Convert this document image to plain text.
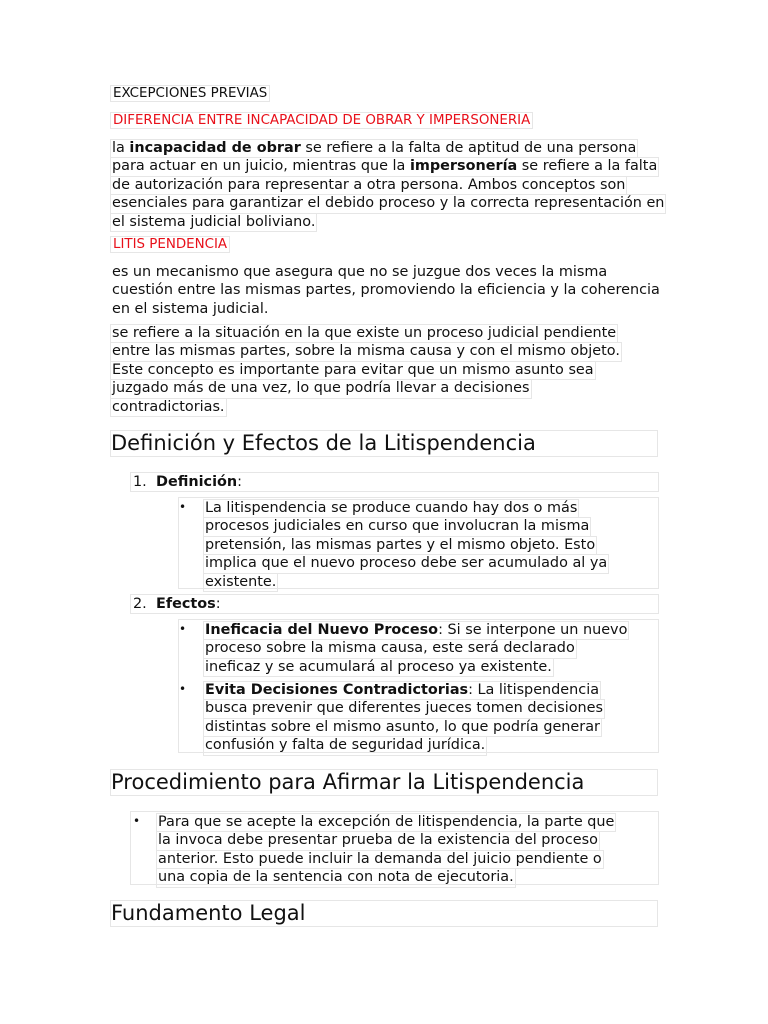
EXCEPCIONES PREVIAS
DIFERENCIA ENTRE INCAPACIDAD DE OBRAR Y IMPERSONERIA
la incapacidad de obrar se refiere a la falta de aptitud de una persona
para actuar en un juicio, mientras que la impersonería se refiere a la falta
de autorización para representar a otra persona. Ambos conceptos son
esenciales para garantizar el debido proceso y la correcta representación en
el sistema judicial boliviano.
LITIS PENDENCIA
es un mecanismo que asegura que no se juzgue dos veces la misma
cuestión entre las mismas partes, promoviendo la eficiencia y la coherencia
en el sistema judicial.
se refiere a la situación en la que existe un proceso judicial pendiente
entre las mismas partes, sobre la misma causa y con el mismo objeto.
Este concepto es importante para evitar que un mismo asunto sea
juzgado más de una vez, lo que podría llevar a decisiones
contradictorias.
Definición y Efectos de la Litispendencia
1. Definición:
• La litispendencia se produce cuando hay dos o más
procesos judiciales en curso que involucran la misma
pretensión, las mismas partes y el mismo objeto. Esto
implica que el nuevo proceso debe ser acumulado al ya
existente.
2. Efectos:
• Ineficacia del Nuevo Proceso: Si se interpone un nuevo
proceso sobre la misma causa, este será declarado
ineficaz y se acumulará al proceso ya existente.
• Evita Decisiones Contradictorias: La litispendencia
busca prevenir que diferentes jueces tomen decisiones
distintas sobre el mismo asunto, lo que podría generar
confusión y falta de seguridad jurídica.
Procedimiento para Afirmar la Litispendencia
• Para que se acepte la excepción de litispendencia, la parte que
la invoca debe presentar prueba de la existencia del proceso
anterior. Esto puede incluir la demanda del juicio pendiente o
una copia de la sentencia con nota de ejecutoria.
Fundamento Legal
